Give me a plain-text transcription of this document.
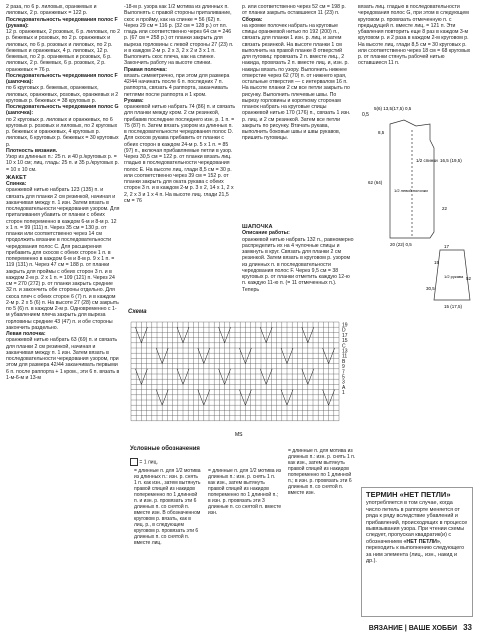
2 раза, по 6 р. лиловых, оранжевых и лиловых, 2 р. оранжевых = 122 р.

Последовательность чередования полос F (рукава):

12 р. оранжевых, 2 розовых, 6 р. лиловых, по 2 р. бежевых и розовых, по 2 р. оранжевых и лиловых, по 6 р. розовых и лиловых, по 2 р. бежевых и оранжевых, 4 р. лиловых, 12 р. бежевых, по 2 р. оранжевых и розовых, 6 р. лиловых, 2 р. бежевых, 6 р. розовых, 2 р. оранжевых = 76 р.

Последовательность чередования полос F (шапочка):

по 6 круговых р. бежевых, оранжевых, лиловых, оранжевых, розовых, оранжевых и 2 круговых р. бежевых = 38 круговых р.

Последовательность чередования полос G (шапочка):

по 2 круговых р. лиловых и оранжевых, по 6 круговых р. розовых и лиловых, по 2 круговых р. бежевых и оранжевых, 4 круговых р. лиловых, 6 круговых р. бежевых = 30 круговых р.

Плотность вязания.

Узор из длинных п.: 25 п. и 40 р./круговых р. = 10 x 10 см; лиц. гладь: 25 п. и 35 р./круговых р. = 10 x 10 см.

ЖАКЕТ

Спинка:

оранжевой нитью набрать 123 (135) п. и связать для планки 2 см резинкой, начиная и заканчивая между п. 1 изн. Затем вязать в последовательности чередования узором. Для приталивания убавить от планки с обеих сторон попеременно в каждом 6-м и 8-м р. 12 x 1 п. = 99 (111) п. Через 35 см = 130 р. от планки или соответственно через 14 см продолжить вязание в последовательности чередования полос C. Для расширения прибавить для скосов с обеих сторон 1 п. в попеременно в каждом 6-м и 8-м р. 9 x 1 п. = 119 (131) п. Через 47 см = 188 р. от планки закрыть для проймы с обеих сторон 3 п. и в каждом 2-м р. 2 x 1 п. = 109 (121) п. Через 24 см = 270 (272) р. от планки закрыть средние 32 п. и закончить обе стороны отдельно. Для скоса плеч с обеих сторон 6 (7) п. и в каждом 2-м р. 2 x 5 (6) п. На высоте 27 (28) см закрыть по 5 (6) п. в каждом 2-м р. Одновременно с 1-м убавлением плеча закрыть для выреза горловины средние 43 (47) п. и обе стороны закончить раздельно.

Левая полочка:

оранжевой нитью набрать 63 (69) п. и связать для планки 2 см резинкой, начиная и заканчивая между п. 1 изн. Затем вязать в последовательности чередования узором, при этом для размера 42/44 заканчивать первыми 6 п. после раппорта + 1 кром., эти 6 п. вязать в 1-м-6-м и 13-м

-18-м р. узора как 1/2 мотива из длинных п. Выполнять с правой стороны приталивание, скос и пройму, как на спинке = 56 (62) п. Через 29 см = 116 р. (32 см = 128 р.) от пл. гладь или соответственно через 64 см = 246 р. (67 см = 258 р.) от планки закрыть для выреза горловины с левой стороны 27 (23) п. и в каждом 2-м р. 2 x 3, 2 x 2 и 3 x 1 п. Выполнить скос плеча, как на спинке. Закончить работу на высоте спинки.

Правая полочка:

вязать симметрично, при этом для размера 42/44 начинать после 6 п. последних 7 п. раппорта, связать 4 раппорта, заканчивать петлями после раппорта и 1 кром.

Рукава:

оранжевой нитью набрать 74 (86) п. и связать для планки между кром. 2 см резинкой, прибавив последние последнего изн. р. 1 п. = 75 (87) п. Затем вязать узором из длинных п. в последовательности чередования полос D. Для скосов рукава прибавить от планки с обеих сторон в каждом 24-м р. 5 x 1 п. = 85 (97) п., включая прибавляемые петли в узор. Через 30,5 см = 122 р. от планки вязать лиц. гладью в последовательности чередования полос E. На высоте лиц. глади 8,5 см = 30 р. или соответственно через 39 см = 152 р. от планки закрыть для оката рукава с обеих сторон 3 п. и в каждом 2-м р. 3 x 2, 14 x 1, 2 x 2, 2 x 3 и 1 x 4 п. На высоте лиц. глади 21,5 см = 76

р. или соответственно через 52 см = 198 р. от планки закрыть оставшиеся 11 (23) п.

Сборка:

на кромке полочек набрать на круговые спицы оранжевой нитью по 192 (200) п., связать для планки 1 изн. р. лиц. и затем связать резинкой. На высоте планки 1 см выполнить на правой планке 8 отверстий для пуговиц: провязать 2 п. вместе лиц., 2 накида, провязать 2 п. вместе лиц. и, изн. р. накиды вязать по узору. Выполнить нижнее отверстие через 62 (70) п. от нижнего края, остальные отверстия — с интервалом 16 п. На высоте планки 2 см все петли закрыть по рисунку. Выполнить плечевые швы. По вырезу горловины и короткому сторонам планок набрать на круговые спицы оранжевой нитью 170 (176) п., связать 1 изн. р. лиц. и 2 см резинкой. Затем все петли закрыть по рисунку. Втачать рукава, выполнить боковые швы и швы рукавов, пришить пуговицы.

вязать лиц. гладью в последовательности чередования полос G, при этом в следующем круговом р. провязать отмеченную п. с предыдущей п. вместе лиц. = 121 п. Эти убавления повторить еще 8 раз в каждом 3-м круговом р. и 2 раза в каждом 2-м круговом р. На высоте лиц. глади 8,5 см = 30 круговых р. или соответственно через 18 см = 68 круговых р. от планки стянуть рабочей нитью оставшиеся 11 п.

ШАПОЧКА

Описание работы:

оранжевой нитью набрать 132 п., равномерно распределить их на 4 чулочные спицы и замкнуть в круг. Связать для планки 2 см резинкой. Затем вязать в круговом р. узором из длинных п. в последовательности чередования полос F. Через 9,5 см = 38 круговых р. от планки отметить каждую 12-ю п. каждую 11-ю п. (= 11 отмеченных п.). Теперь

0,5
5(6) 13,5(17,5) 0,5
8,5
62 (64)
1/2 спинки
1/2 левой полочки
20 (22) 0,5
16,5 (19,5)
22
17
15
52
30,5
1/2 рукава
15 (17,5)
Схема
19
D
17
15
C
13
11
B
9
7
5
3
A
1
MS
Условные обозначения
= 1 лиц.
= длинные п. для 1/2 мотива из длинных п.: изн. р. снять 1 п. как изн., затем вытянуть правой спицей из накидов попеременно по 1 длинной п. и изн. р. провязать эти 6 длинных п. со снятой п. вместе изн. В обозначенном круговом р. вязать, как в лиц. р., в следующем круговом р. провязать эти 6 длинных п. со снятой п. вместе лиц.
= длинные п. для 1/2 мотива из длинных п.: изн. р. снять 1 п. как изн., затем вытянуть правой спицей из накидов попеременно по 1 длинной п.; в изн. р. провязать эти 3 длинные п. со снятой п. вместе изн.
= длинные п. для мотива из длинных п.: изн. р. снять 1 п. как изн., затем вытянуть правой спицей из накидов попеременно по 1 длинной п.; в изн. р. провязать эти 6 длинных п. со снятой п. вместе изн.	ТЕРМИН «НЕТ ПЕТЛИ»
употребляется в том случае, когда число петель в раппорте меняется от ряда к ряду вследствие убавлений и прибавлений, происходящих в процессе вывязывания узора. При чтении схемы следует, пропуская квадратик(и) с обозначением «НЕТ ПЕТЛИ», переходить к выполнению следующего за ним элемента (лиц., изн., накид и др.).
ВЯЗАНИЕ | ВАШЕ ХОББИ 33
